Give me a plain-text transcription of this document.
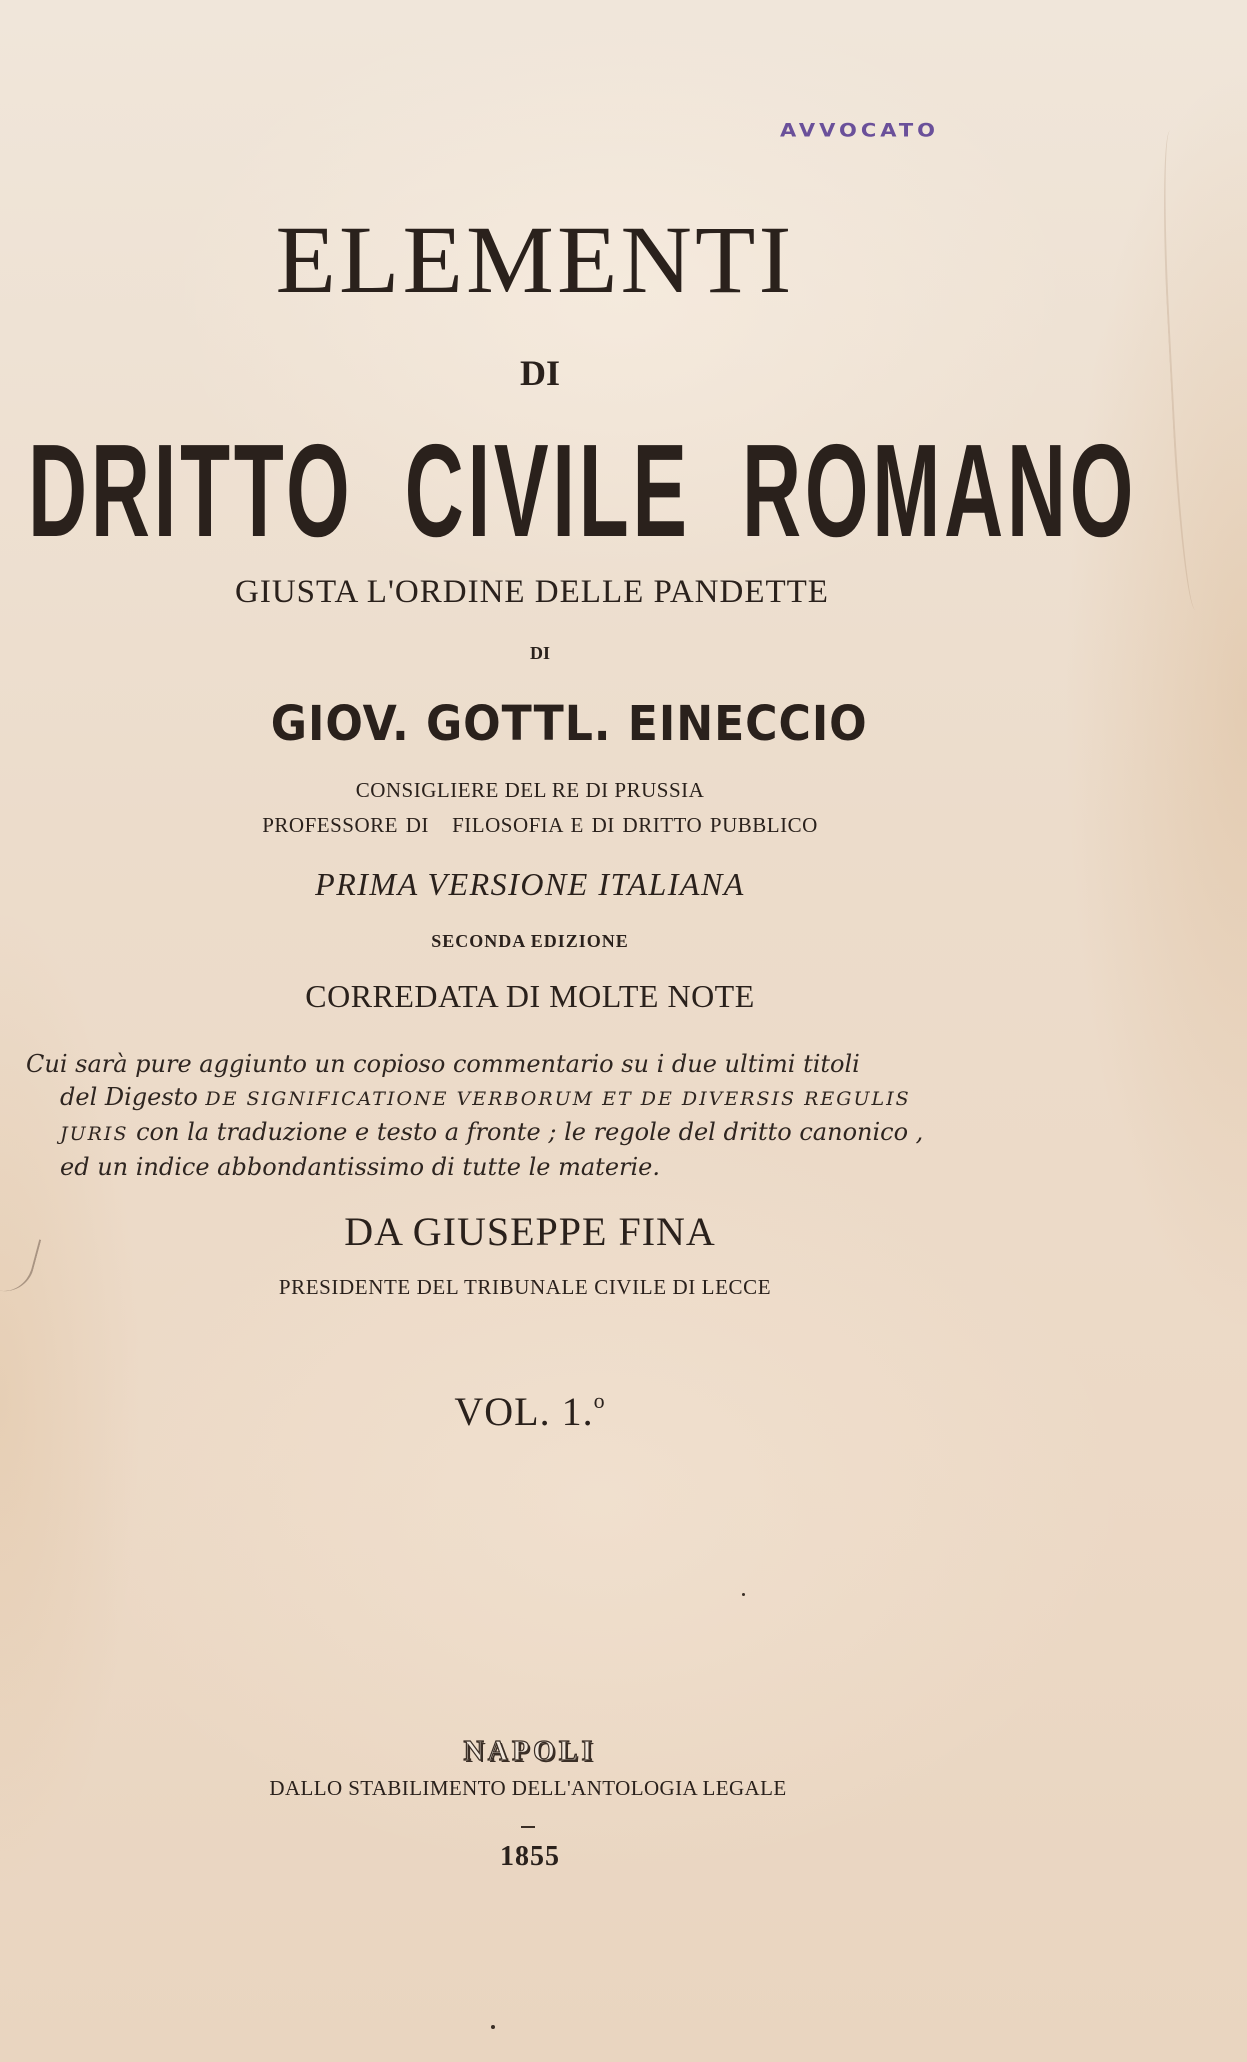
AVVOCATO
ELEMENTI
DI
DRITTO CIVILE ROMANO
GIUSTA L'ORDINE DELLE PANDETTE
DI
GIOV. GOTTL. EINECCIO
CONSIGLIERE DEL RE DI PRUSSIA
PROFESSORE DI   FILOSOFIA E DI DRITTO PUBBLICO
PRIMA VERSIONE ITALIANA
SECONDA EDIZIONE
CORREDATA DI MOLTE NOTE
Cui sarà pure aggiunto un copioso commentario su i due ultimi titoli
del Digesto DE SIGNIFICATIONE VERBORUM ET DE DIVERSIS REGULIS
JURIS con la traduzione e testo a fronte ; le regole del dritto canonico ,
ed un indice abbondantissimo di tutte le materie.
DA GIUSEPPE FINA
PRESIDENTE DEL TRIBUNALE CIVILE DI LECCE
VOL. 1.$^o$
NAPOLI
DALLO STABILIMENTO DELL'ANTOLOGIA LEGALE
1855
